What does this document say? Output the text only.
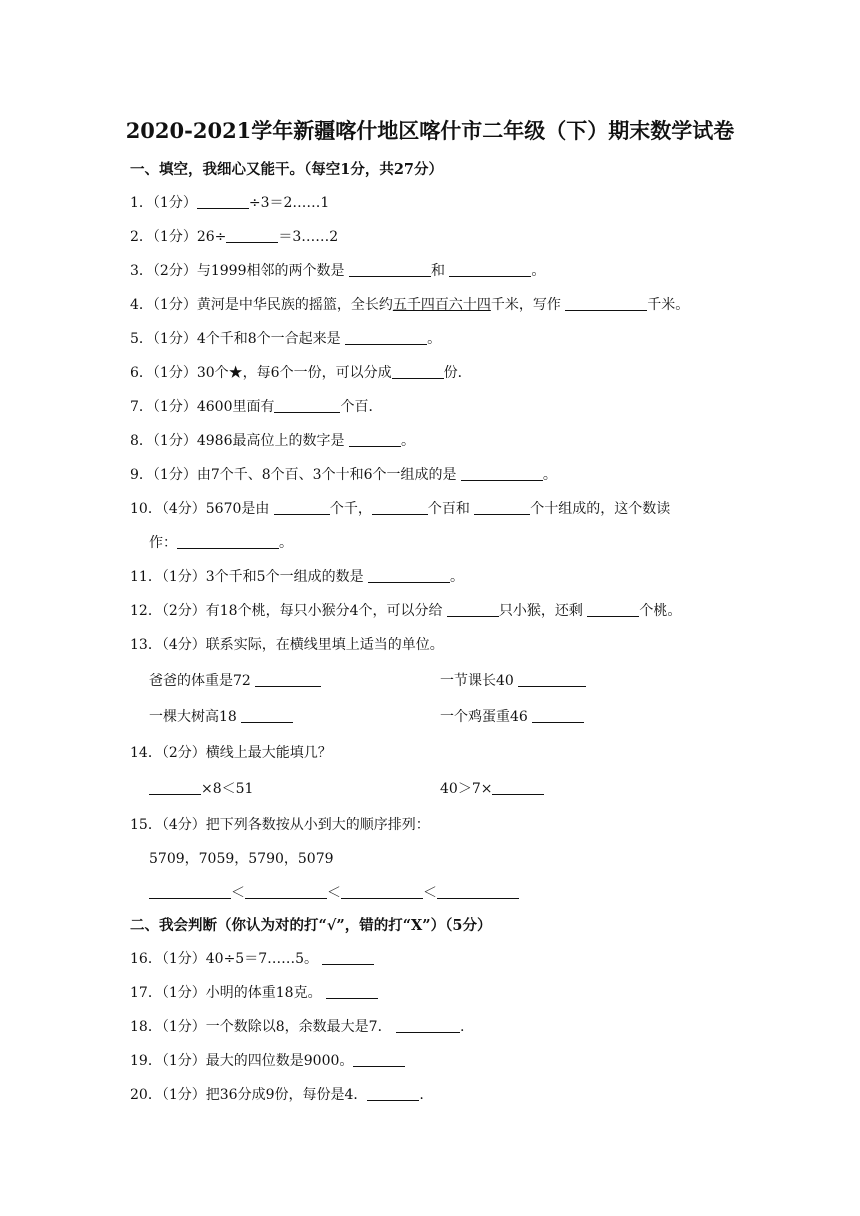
2020-2021学年新疆喀什地区喀什市二年级（下）期末数学试卷
一、填空，我细心又能干。（每空1分，共27分）
1．（1分）	÷3＝2……1
2．（1分）26÷	＝3……2
3．（2分）与1999相邻的两个数是	和	。
4．（1分）黄河是中华民族的摇篮，全长约五千四百六十四千米，写作	千米。
5．（1分）4个千和8个一合起来是	。
6．（1分）30个★，每6个一份，可以分成	份．
7．（1分）4600里面有	个百．
8．（1分）4986最高位上的数字是	。
9．（1分）由7个千、8个百、3个十和6个一组成的是	。
10．（4分）5670是由	个千，	个百和	个十组成的，这个数读
作：	。
11．（1分）3个千和5个一组成的数是	。
12．（2分）有18个桃，每只小猴分4个，可以分给	只小猴，还剩	个桃。
13．（4分）联系实际，在横线里填上适当的单位。
爸爸的体重是72	一节课长40
一棵大树高18	一个鸡蛋重46
14．（2分）横线上最大能填几？
×8＜51	40＞7×
15．（4分）把下列各数按从小到大的顺序排列：
5709，7059，5790，5079
＜	＜	＜
二、我会判断（你认为对的打“√”，错的打“X”）（5分）
16．（1分）40÷5＝7……5。
17．（1分）小明的体重18克。
18．（1分）一个数除以8，余数最大是7．	.
19．（1分）最大的四位数是9000。
20．（1分）把36分成9份，每份是4．	.
